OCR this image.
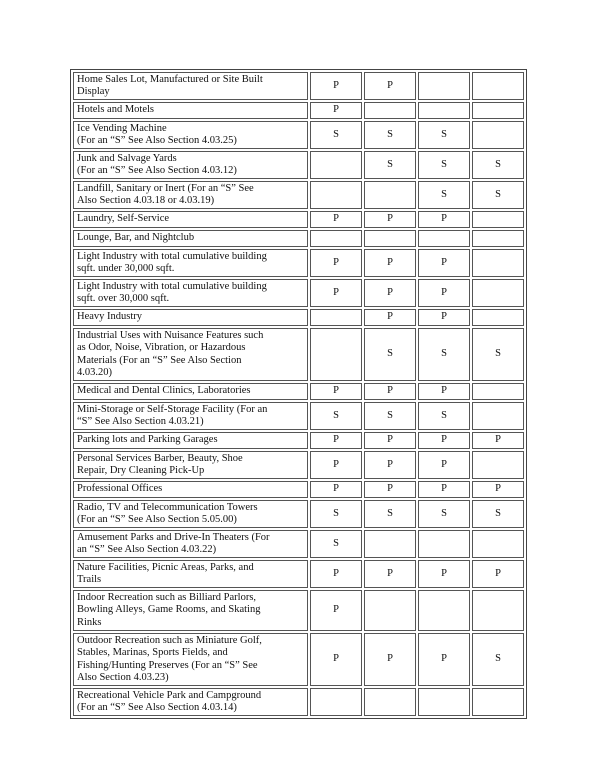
Home Sales Lot, Manufactured or Site Built
Display	P	P		

Hotels and Motels	P			

Ice Vending Machine
(For an “S” See Also Section 4.03.25)	S	S	S	

Junk and Salvage Yards
(For an “S” See Also Section 4.03.12)		S	S	S

Landfill, Sanitary or Inert (For an “S” See
Also Section 4.03.18 or 4.03.19)			S	S

Laundry, Self-Service	P	P	P	

Lounge, Bar, and Nightclub				

Light Industry with total cumulative building
sqft. under 30,000 sqft.	P	P	P	

Light Industry with total cumulative building
sqft. over 30,000 sqft.	P	P	P	

Heavy Industry		P	P	

Industrial Uses with Nuisance Features such
as Odor, Noise, Vibration, or Hazardous
Materials (For an “S” See Also Section
4.03.20)		S	S	S

Medical and Dental Clinics, Laboratories	P	P	P	

Mini-Storage or Self-Storage Facility (For an
“S” See Also Section 4.03.21)	S	S	S	

Parking lots and Parking Garages	P	P	P	P

Personal Services Barber, Beauty, Shoe
Repair, Dry Cleaning Pick-Up	P	P	P	

Professional Offices	P	P	P	P

Radio, TV and Telecommunication Towers
(For an “S” See Also Section 5.05.00)	S	S	S	S

Amusement Parks and Drive-In Theaters (For
an “S” See Also Section 4.03.22)	S			

Nature Facilities, Picnic Areas, Parks, and
Trails	P	P	P	P

Indoor Recreation such as Billiard Parlors,
Bowling Alleys, Game Rooms, and Skating
Rinks	P			

Outdoor Recreation such as Miniature Golf,
Stables, Marinas, Sports Fields, and
Fishing/Hunting Preserves (For an “S” See
Also Section 4.03.23)	P	P	P	S

Recreational Vehicle Park and Campground
(For an “S” See Also Section 4.03.14)				
